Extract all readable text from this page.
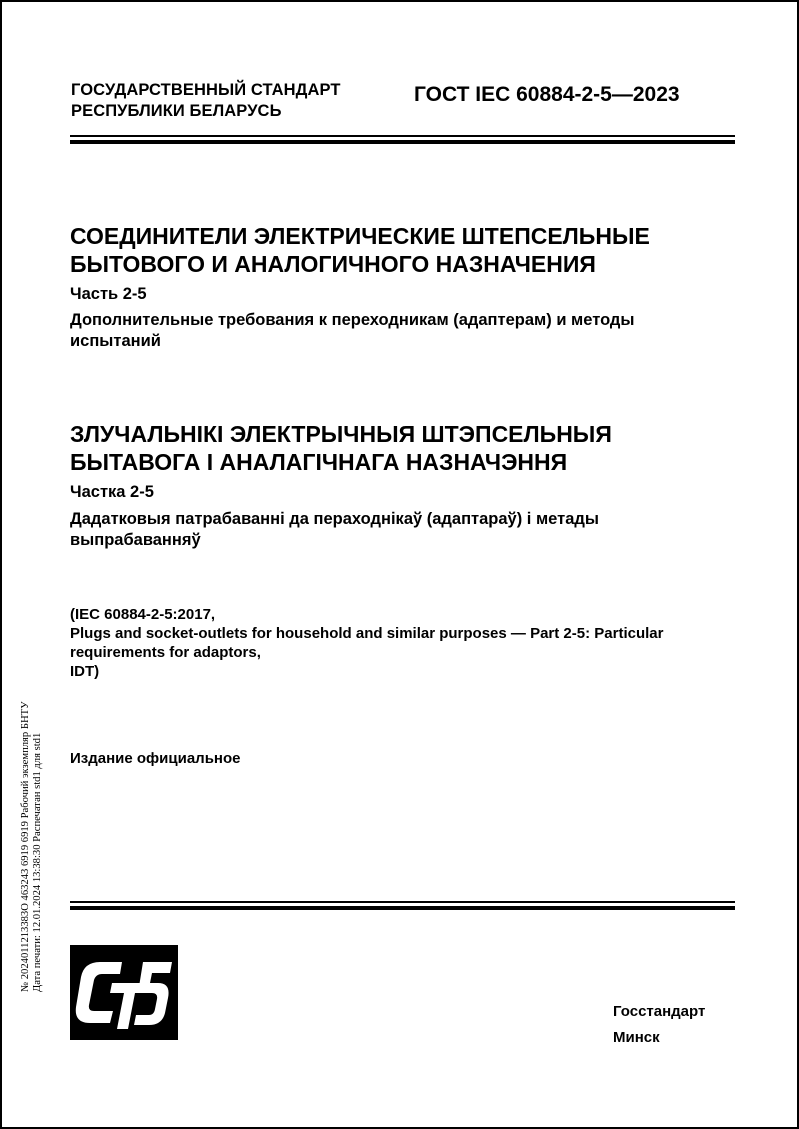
ГОСУДАРСТВЕННЫЙ СТАНДАРТ
РЕСПУБЛИКИ БЕЛАРУСЬ
ГОСТ IEC 60884-2-5—2023
СОЕДИНИТЕЛИ ЭЛЕКТРИЧЕСКИЕ ШТЕПСЕЛЬНЫЕ
БЫТОВОГО И АНАЛОГИЧНОГО НАЗНАЧЕНИЯ
Часть 2-5
Дополнительные требования к переходникам (адаптерам) и методы
испытаний
ЗЛУЧАЛЬНІКІ ЭЛЕКТРЫЧНЫЯ ШТЭПСЕЛЬНЫЯ
БЫТАВОГА І АНАЛАГІЧНАГА НАЗНАЧЭННЯ
Частка 2-5
Дадатковыя патрабаванні да пераходнікаў (адаптараў) і метады
выпрабаванняў
(IEC 60884-2-5:2017,
Plugs and socket-outlets for household and similar purposes — Part 2-5: Particular
requirements for adaptors,
IDT)
Издание официальное
№ 2024011213383О 463243 6919 6919 Рабочий экземпляр БНТУ Дата печати: 12.01.2024 13:38:30 Распечатан std1 для std1
Госстандарт
Минск
